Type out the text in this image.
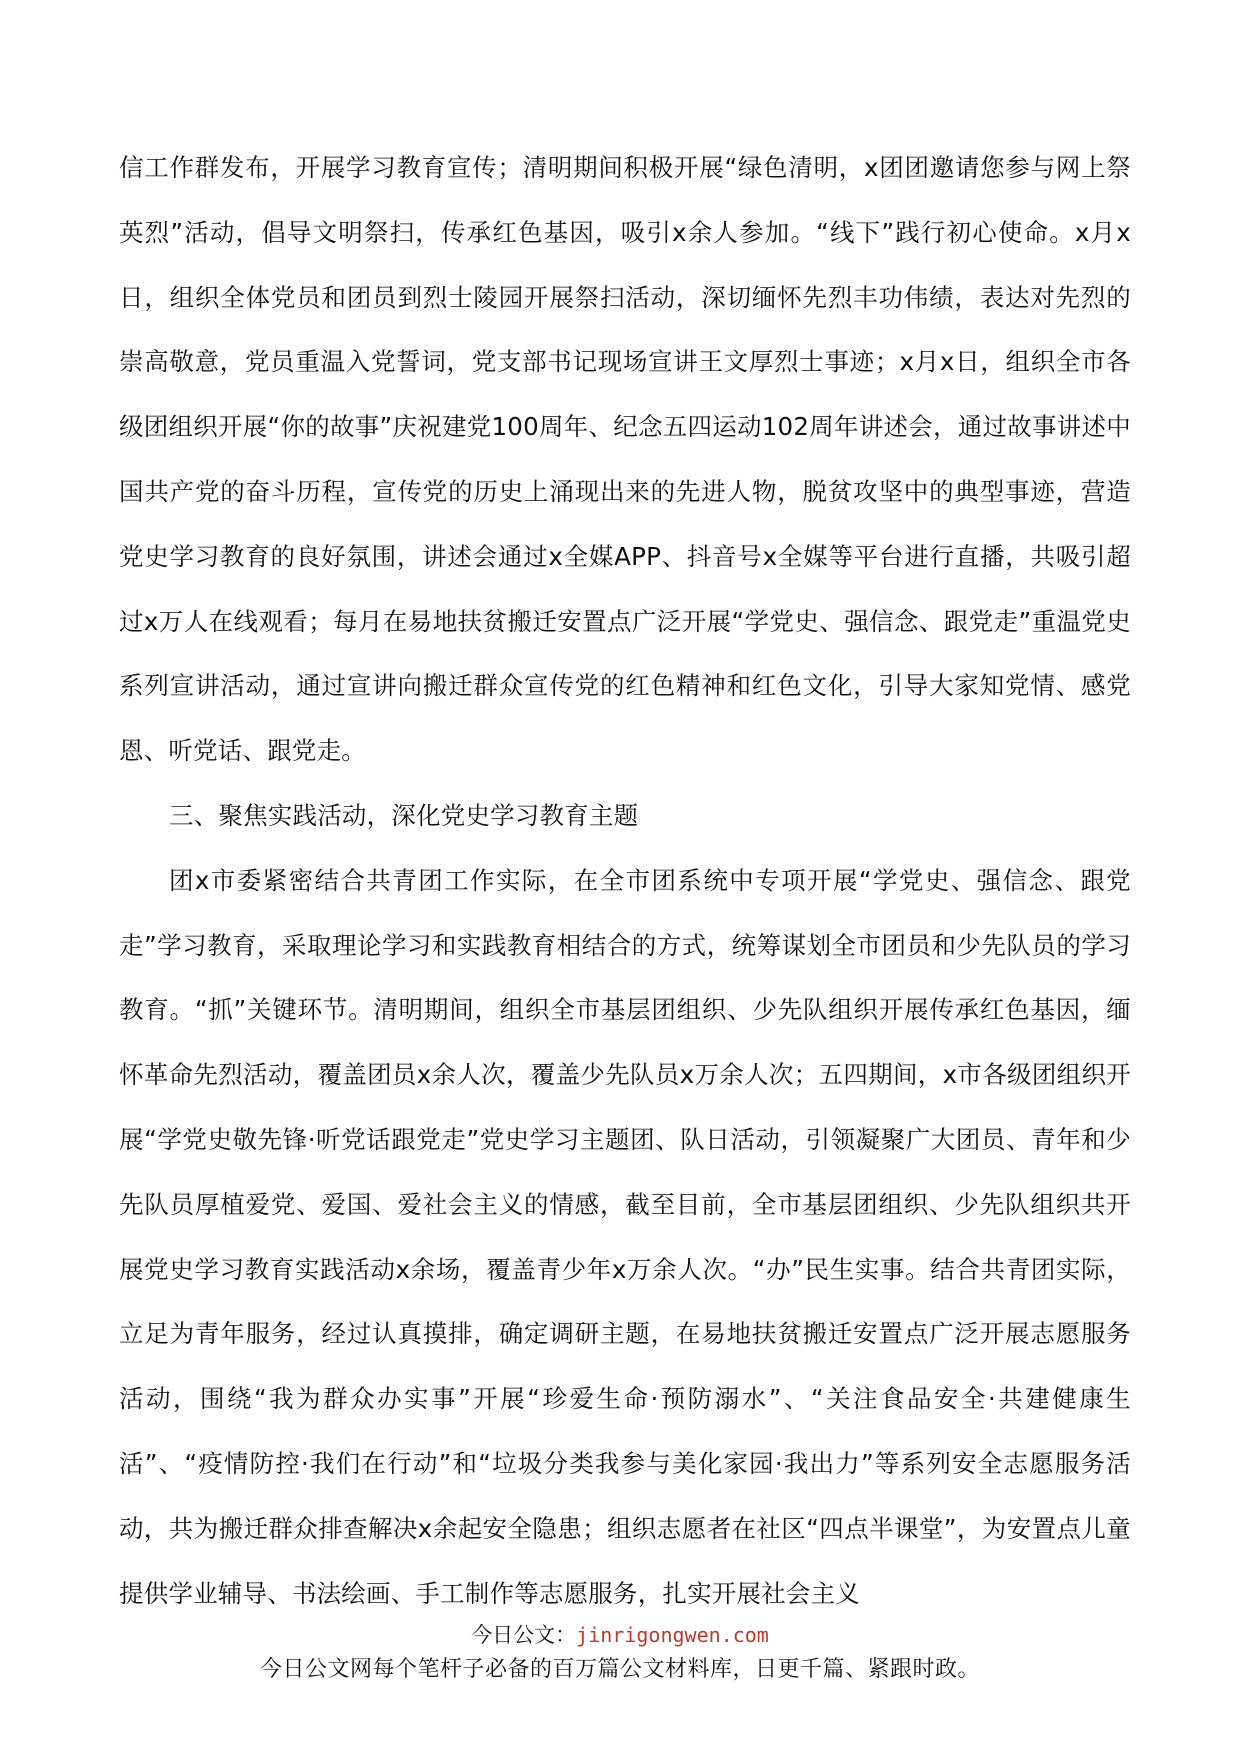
信工作群发布，开展学习教育宣传；清明期间积极开展“绿色清明，x团团邀请您参与网上祭英烈”活动，倡导文明祭扫，传承红色基因，吸引x余人参加。“线下”践行初心使命。x月x日，组织全体党员和团员到烈士陵园开展祭扫活动，深切缅怀先烈丰功伟绩，表达对先烈的崇高敬意，党员重温入党誓词，党支部书记现场宣讲王文厚烈士事迹；x月x日，组织全市各级团组织开展“你的故事”庆祝建党100周年、纪念五四运动102周年讲述会，通过故事讲述中国共产党的奋斗历程，宣传党的历史上涌现出来的先进人物，脱贫攻坚中的典型事迹，营造党史学习教育的良好氛围，讲述会通过x全媒APP、抖音号x全媒等平台进行直播，共吸引超过x万人在线观看；每月在易地扶贫搬迁安置点广泛开展“学党史、强信念、跟党走”重温党史系列宣讲活动，通过宣讲向搬迁群众宣传党的红色精神和红色文化，引导大家知党情、感党恩、听党话、跟党走。

三、聚焦实践活动，深化党史学习教育主题

团x市委紧密结合共青团工作实际，在全市团系统中专项开展“学党史、强信念、跟党走”学习教育，采取理论学习和实践教育相结合的方式，统筹谋划全市团员和少先队员的学习教育。“抓”关键环节。清明期间，组织全市基层团组织、少先队组织开展传承红色基因，缅怀革命先烈活动，覆盖团员x余人次，覆盖少先队员x万余人次；五四期间，x市各级团组织开展“学党史敬先锋·听党话跟党走”党史学习主题团、队日活动，引领凝聚广大团员、青年和少先队员厚植爱党、爱国、爱社会主义的情感，截至目前，全市基层团组织、少先队组织共开展党史学习教育实践活动x余场，覆盖青少年x万余人次。“办”民生实事。结合共青团实际，立足为青年服务，经过认真摸排，确定调研主题，在易地扶贫搬迁安置点广泛开展志愿服务活动，围绕“我为群众办实事”开展“珍爱生命·预防溺水”、“关注食品安全·共建健康生活”、“疫情防控·我们在行动”和“垃圾分类我参与美化家园·我出力”等系列安全志愿服务活动，共为搬迁群众排查解决x余起安全隐患；组织志愿者在社区“四点半课堂”，为安置点儿童提供学业辅导、书法绘画、手工制作等志愿服务，扎实开展社会主义

今日公文：jinrigongwen.com
今日公文网每个笔杆子必备的百万篇公文材料库，日更千篇、紧跟时政。
